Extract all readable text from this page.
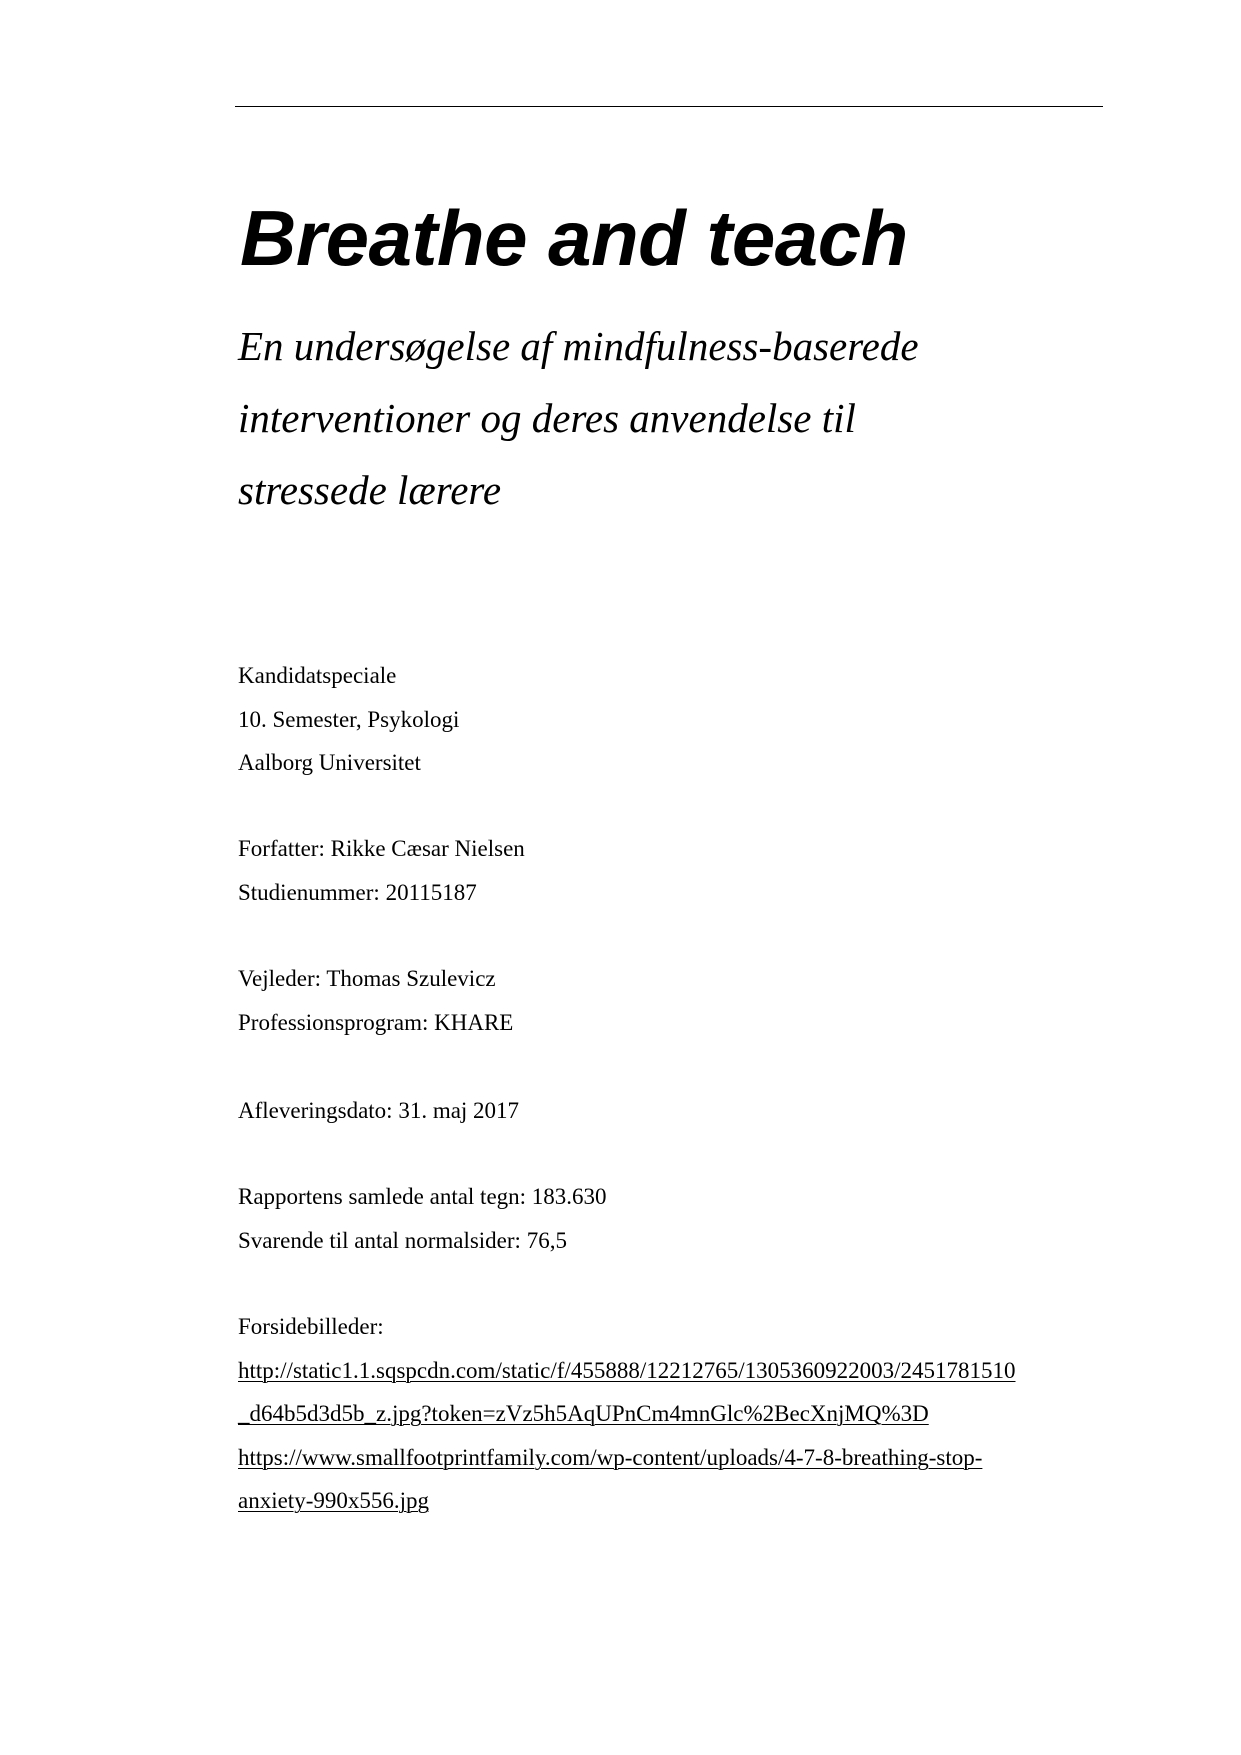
Breathe and teach
En undersøgelse af mindfulness-baserede
interventioner og deres anvendelse til
stressede lærere
Kandidatspeciale
10. Semester, Psykologi
Aalborg Universitet
Forfatter: Rikke Cæsar Nielsen
Studienummer: 20115187
Vejleder: Thomas Szulevicz
Professionsprogram: KHARE
Afleveringsdato: 31. maj 2017
Rapportens samlede antal tegn: 183.630
Svarende til antal normalsider: 76,5
Forsidebilleder:
http://static1.1.sqspcdn.com/static/f/455888/12212765/1305360922003/2451781510
_d64b5d3d5b_z.jpg?token=zVz5h5AqUPnCm4mnGlc%2BecXnjMQ%3D
https://www.smallfootprintfamily.com/wp-content/uploads/4-7-8-breathing-stop-
anxiety-990x556.jpg
